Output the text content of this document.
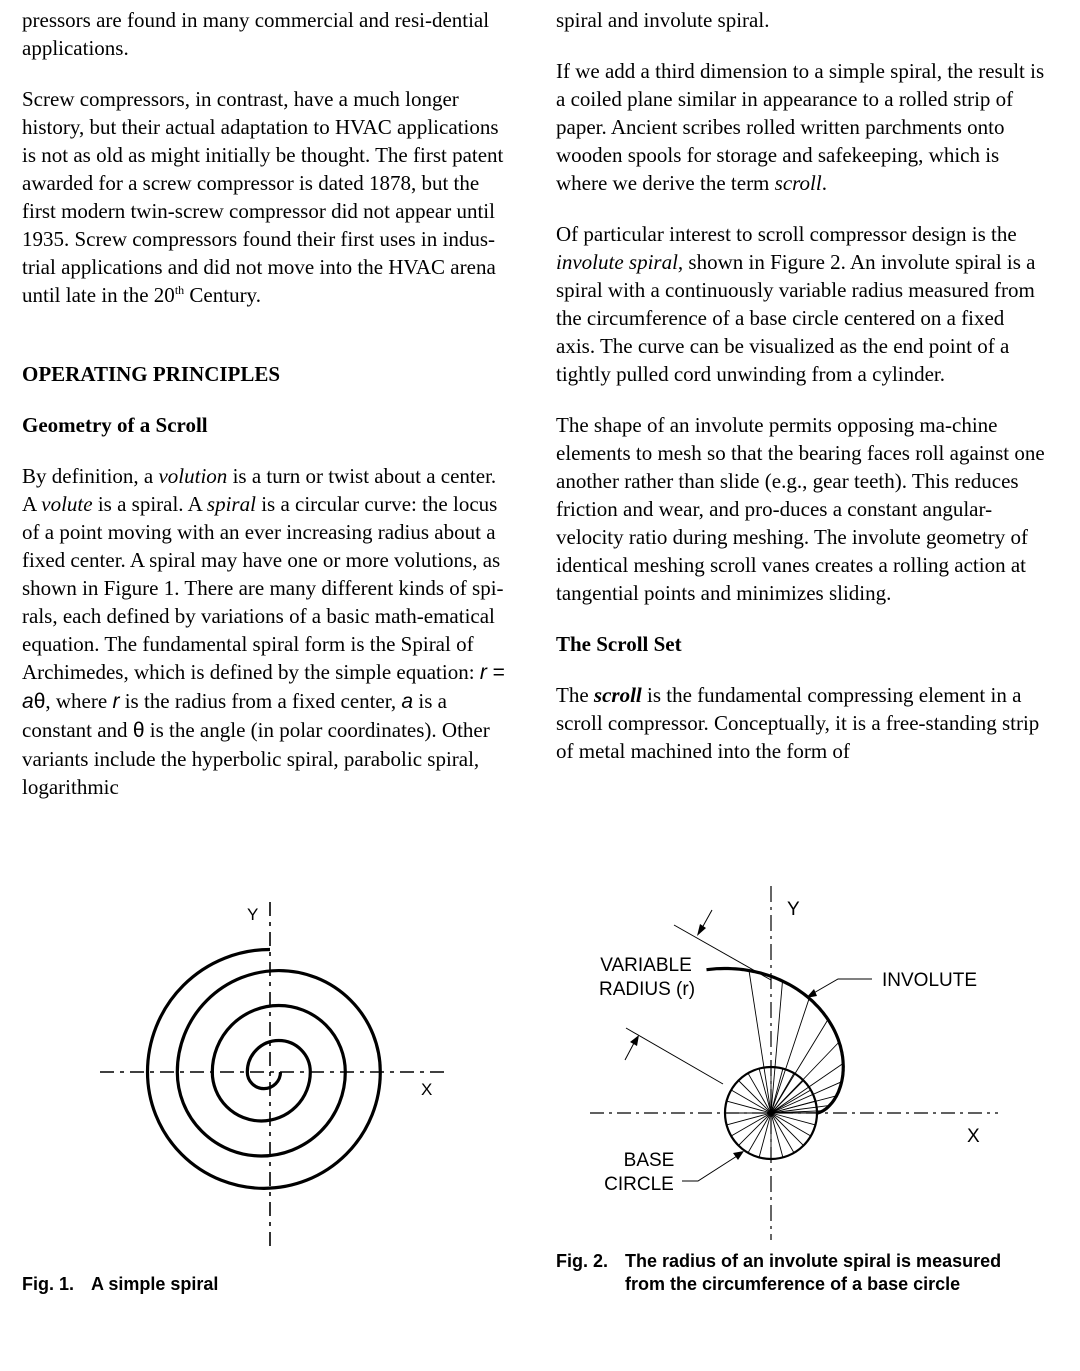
pressors are found in many commercial and resi-dential applications.

Screw compressors, in contrast, have a much longer history, but their actual adaptation to HVAC applications is not as old as might initially be thought. The first patent awarded for a screw compressor is dated 1878, but the first modern twin-screw compressor did not appear until 1935. Screw compressors found their first uses in indus-trial applications and did not move into the HVAC arena until late in the 20th Century.

OPERATING PRINCIPLES
Geometry of a Scroll

By definition, a volution is a turn or twist about a center. A volute is a spiral. A spiral is a circular curve: the locus of a point moving with an ever increasing radius about a fixed center. A spiral may have one or more volutions, as shown in Figure 1. There are many different kinds of spi-rals, each defined by variations of a basic math-ematical equation. The fundamental spiral form is the Spiral of Archimedes, which is defined by the simple equation: r = aθ, where r is the radius from a fixed center, a is a constant and θ is the angle (in polar coordinates). Other variants include the hyperbolic spiral, parabolic spiral, logarithmic

spiral and involute spiral.

If we add a third dimension to a simple spiral, the result is a coiled plane similar in appearance to a rolled strip of paper. Ancient scribes rolled written parchments onto wooden spools for storage and safekeeping, which is where we derive the term scroll.

Of particular interest to scroll compressor design is the involute spiral, shown in Figure 2. An involute spiral is a spiral with a continuously variable radius measured from the circumference of a base circle centered on a fixed axis. The curve can be visualized as the end point of a tightly pulled cord unwinding from a cylinder.

The shape of an involute permits opposing ma-chine elements to mesh so that the bearing faces roll against one another rather than slide (e.g., gear teeth). This reduces friction and wear, and pro-duces a constant angular-velocity ratio during meshing. The involute geometry of identical meshing scroll vanes creates a rolling action at tangential points and minimizes sliding.

The Scroll Set

The scroll is the fundamental compressing element in a scroll compressor. Conceptually, it is a free-standing strip of metal machined into the form of

Y
X
Y
X
VARIABLE
RADIUS (r)	INVOLUTE
BASE
CIRCLE
Fig. 1. A simple spiral
Fig. 2. The radius of an involute spiral is measured
from the circumference of a base circle
